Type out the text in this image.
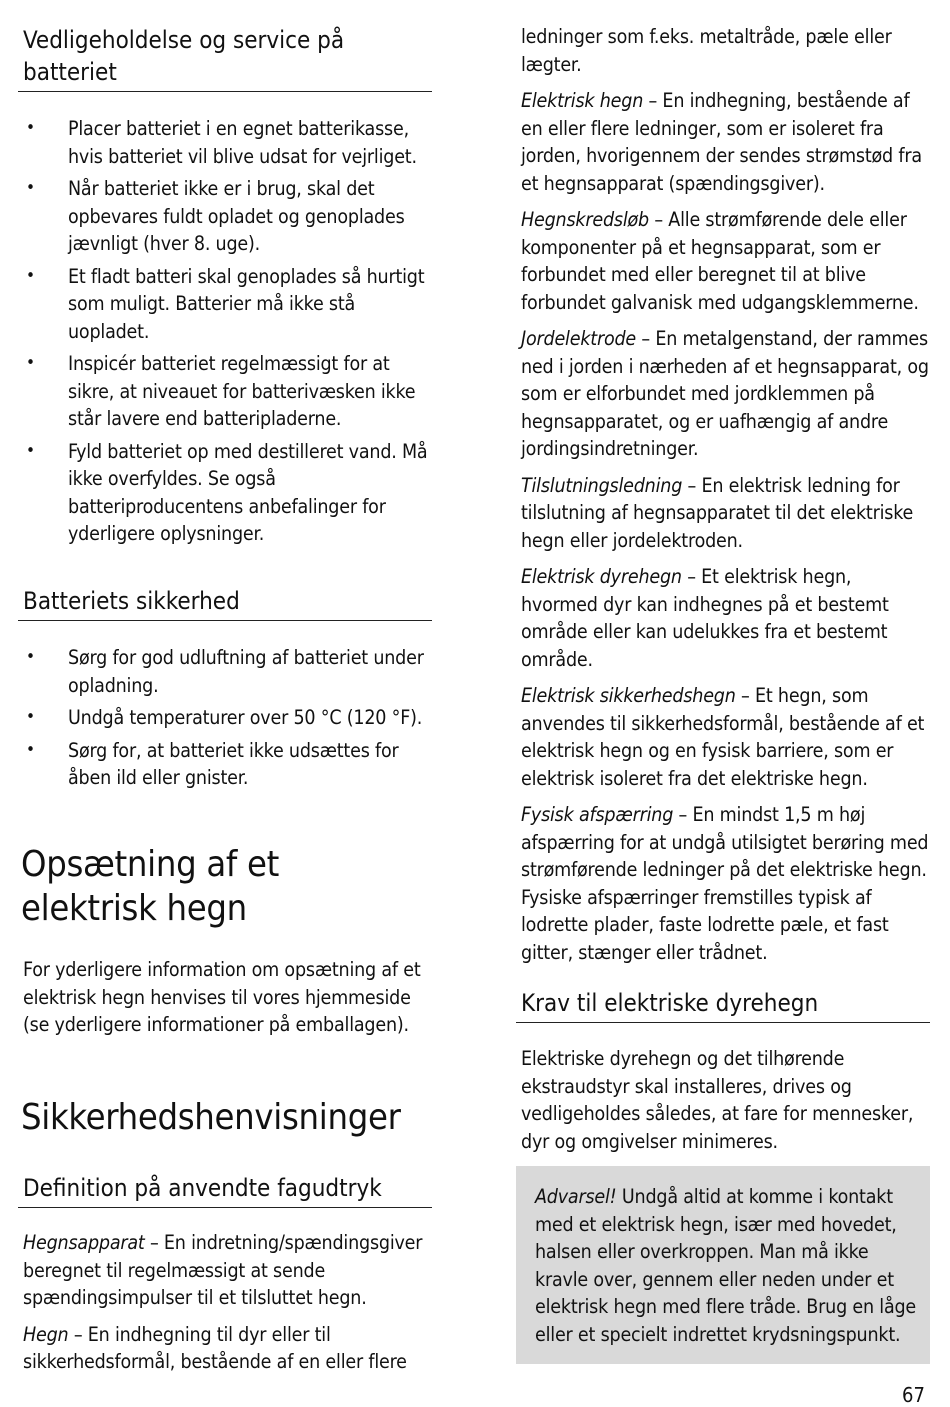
Vedligeholdelse og service på batteriet
• Placer batteriet i en egnet batterikasse, hvis batteriet vil blive udsat for vejrliget.
• Når batteriet ikke er i brug, skal det opbevares fuldt opladet og genoplades jævnligt (hver 8. uge).
• Et fladt batteri skal genoplades så hurtigt som muligt. Batterier må ikke stå uopladet.
• Inspicér batteriet regelmæssigt for at sikre, at niveauet for batterivæsken ikke står lavere end batteripladerne.
• Fyld batteriet op med destilleret vand. Må ikke overfyldes. Se også batteriproducentens anbefalinger for yderligere oplysninger.
Batteriets sikkerhed
• Sørg for god udluftning af batteriet under opladning.
• Undgå temperaturer over 50 °C (120 °F).
• Sørg for, at batteriet ikke udsættes for åben ild eller gnister.
Opsætning af et elektrisk hegn

For yderligere information om opsætning af et elektrisk hegn henvises til vores hjemmeside (se yderligere informationer på emballagen).

Sikkerhedshenvisninger
Definition på anvendte fagudtryk

Hegnsapparat – En indretning/spændingsgiver beregnet til regelmæssigt at sende spændingsimpulser til et tilsluttet hegn.

Hegn – En indhegning til dyr eller til sikkerhedsformål, bestående af en eller flere

ledninger som f.eks. metaltråde, pæle eller lægter.

Elektrisk hegn – En indhegning, bestående af en eller flere ledninger, som er isoleret fra jorden, hvorigennem der sendes strømstød fra et hegnsapparat (spændingsgiver).

Hegnskredsløb – Alle strømførende dele eller komponenter på et hegnsapparat, som er forbundet med eller beregnet til at blive forbundet galvanisk med udgangsklemmerne.

Jordelektrode – En metalgenstand, der rammes ned i jorden i nærheden af et hegnsapparat, og som er elforbundet med jordklemmen på hegnsapparatet, og er uafhængig af andre jordingsindretninger.

Tilslutningsledning – En elektrisk ledning for tilslutning af hegnsapparatet til det elektriske hegn eller jordelektroden.

Elektrisk dyrehegn – Et elektrisk hegn, hvormed dyr kan indhegnes på et bestemt område eller kan udelukkes fra et bestemt område.

Elektrisk sikkerhedshegn – Et hegn, som anvendes til sikkerhedsformål, bestående af et elektrisk hegn og en fysisk barriere, som er elektrisk isoleret fra det elektriske hegn.

Fysisk afspærring – En mindst 1,5 m høj afspærring for at undgå utilsigtet berøring med strømførende ledninger på det elektriske hegn. Fysiske afspærringer fremstilles typisk af lodrette plader, faste lodrette pæle, et fast gitter, stænger eller trådnet.

Krav til elektriske dyrehegn

Elektriske dyrehegn og det tilhørende ekstraudstyr skal installeres, drives og vedligeholdes således, at fare for mennesker, dyr og omgivelser minimeres.

Advarsel! Undgå altid at komme i kontakt med et elektrisk hegn, især med hovedet, halsen eller overkroppen. Man må ikke kravle over, gennem eller neden under et elektrisk hegn med flere tråde. Brug en låge eller et specielt indrettet krydsningspunkt.

67
